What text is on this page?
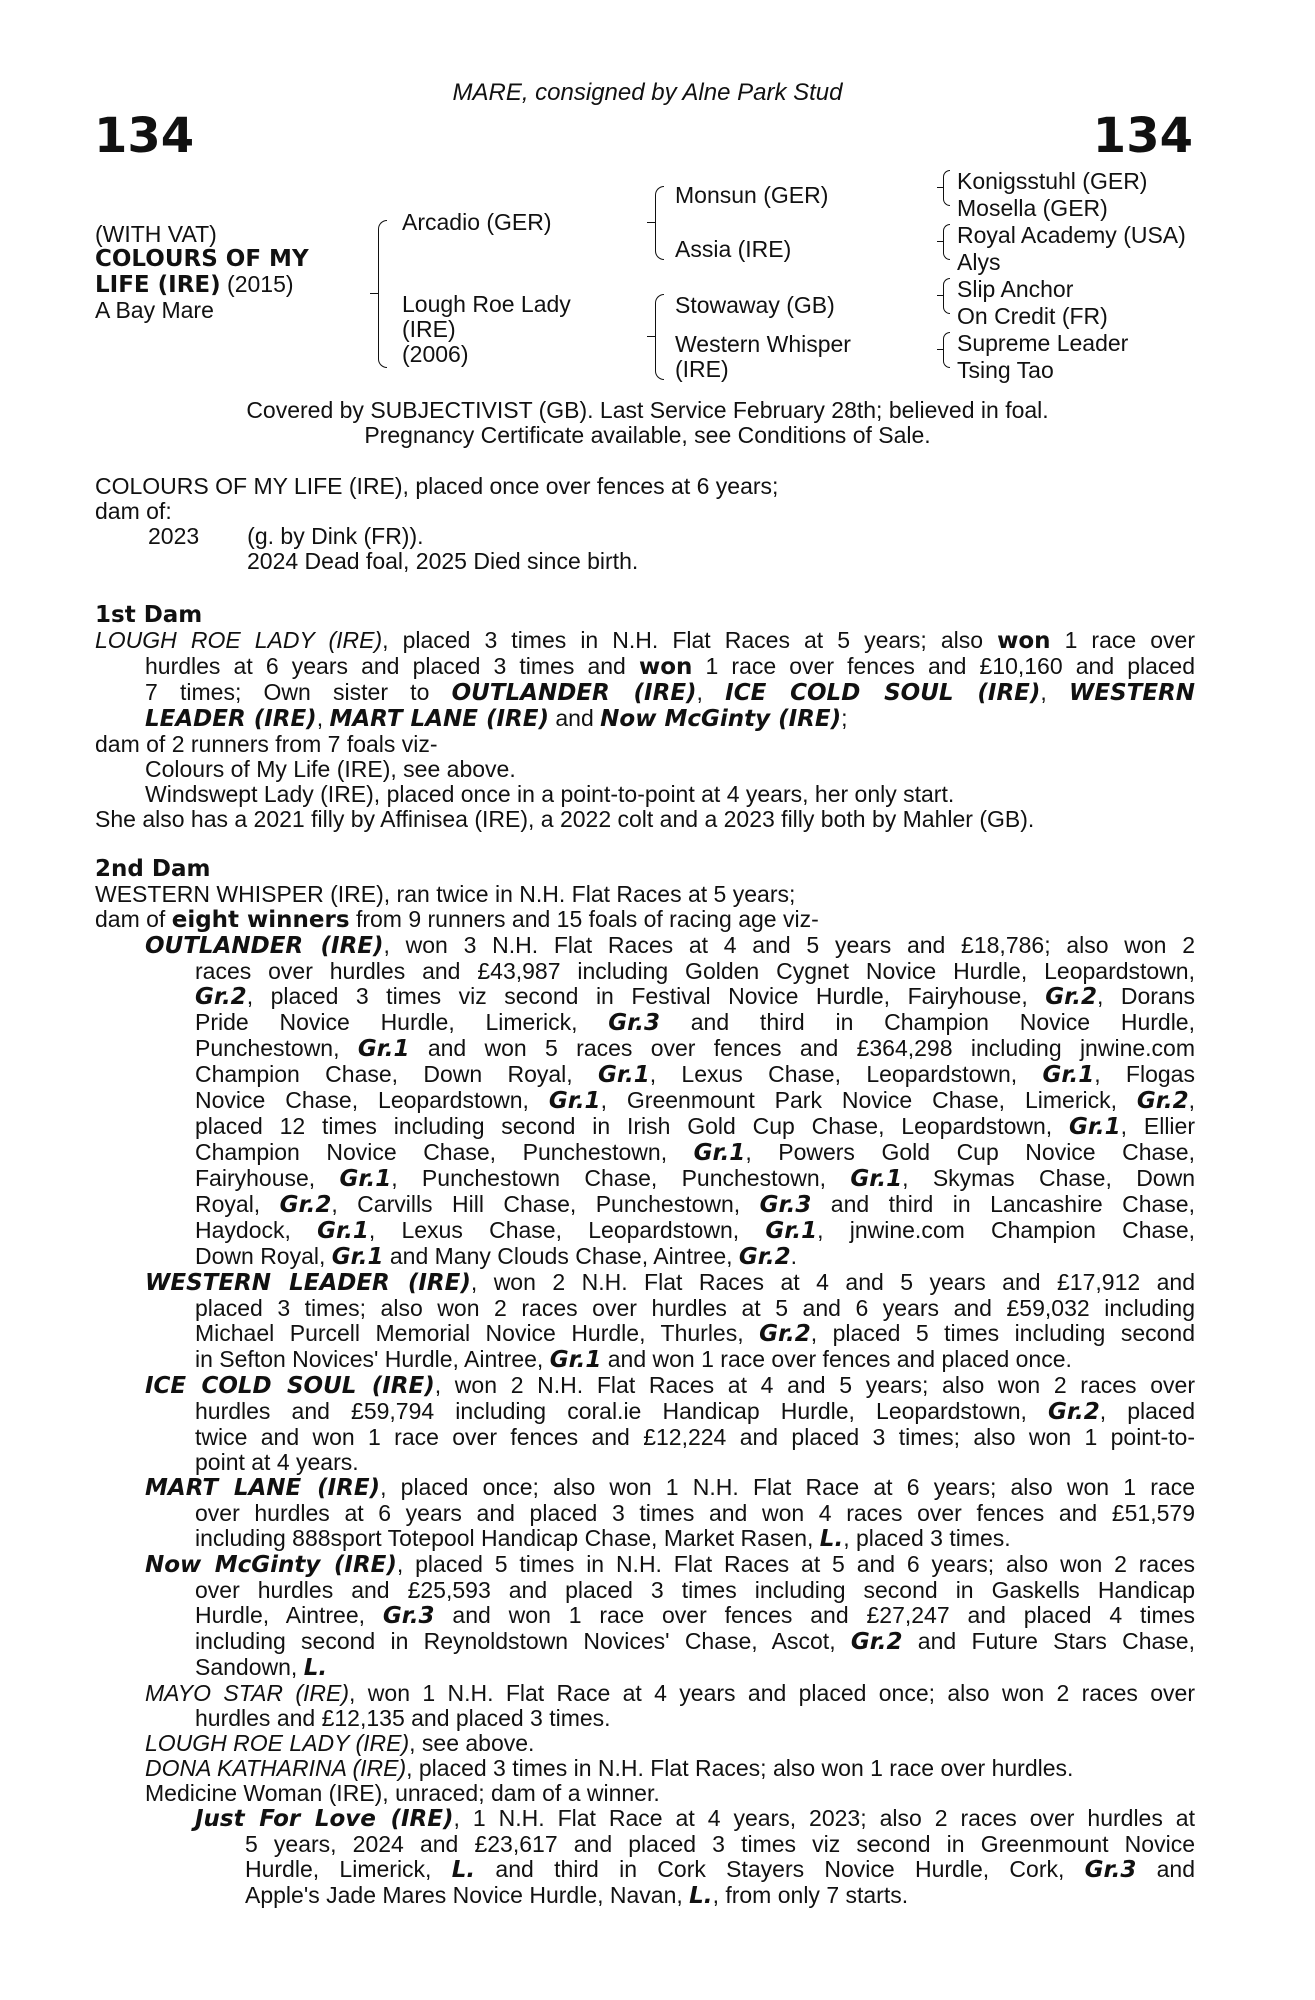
MARE, consigned by Alne Park Stud
134	134
(WITH VAT)
COLOURS OF MY
LIFE (IRE) (2015)
A Bay Mare
Arcadio (GER)
Lough Roe Lady
(IRE)
(2006)
Monsun (GER)
Assia (IRE)
Stowaway (GB)
Western Whisper
(IRE)
Konigsstuhl (GER)
Mosella (GER)
Royal Academy (USA)
Alys
Slip Anchor
On Credit (FR)
Supreme Leader
Tsing Tao
Covered by SUBJECTIVIST (GB). Last Service February 28th; believed in foal.
Pregnancy Certificate available, see Conditions of Sale.
COLOURS OF MY LIFE (IRE), placed once over fences at 6 years;
dam of:
2023 (g. by Dink (FR)).
2024 Dead foal, 2025 Died since birth.
1st Dam
LOUGH ROE LADY (IRE), placed 3 times in N.H. Flat Races at 5 years; also won 1 race over
hurdles at 6 years and placed 3 times and won 1 race over fences and £10,160 and placed
7 times; Own sister to OUTLANDER (IRE), ICE COLD SOUL (IRE), WESTERN
LEADER (IRE), MART LANE (IRE) and Now McGinty (IRE);
dam of 2 runners from 7 foals viz-
Colours of My Life (IRE), see above.
Windswept Lady (IRE), placed once in a point-to-point at 4 years, her only start.
She also has a 2021 filly by Affinisea (IRE), a 2022 colt and a 2023 filly both by Mahler (GB).
2nd Dam
WESTERN WHISPER (IRE), ran twice in N.H. Flat Races at 5 years;
dam of eight winners from 9 runners and 15 foals of racing age viz-
OUTLANDER (IRE), won 3 N.H. Flat Races at 4 and 5 years and £18,786; also won 2
races over hurdles and £43,987 including Golden Cygnet Novice Hurdle, Leopardstown,
Gr.2, placed 3 times viz second in Festival Novice Hurdle, Fairyhouse, Gr.2, Dorans
Pride Novice Hurdle, Limerick, Gr.3 and third in Champion Novice Hurdle,
Punchestown, Gr.1 and won 5 races over fences and £364,298 including jnwine.com
Champion Chase, Down Royal, Gr.1, Lexus Chase, Leopardstown, Gr.1, Flogas
Novice Chase, Leopardstown, Gr.1, Greenmount Park Novice Chase, Limerick, Gr.2,
placed 12 times including second in Irish Gold Cup Chase, Leopardstown, Gr.1, Ellier
Champion Novice Chase, Punchestown, Gr.1, Powers Gold Cup Novice Chase,
Fairyhouse, Gr.1, Punchestown Chase, Punchestown, Gr.1, Skymas Chase, Down
Royal, Gr.2, Carvills Hill Chase, Punchestown, Gr.3 and third in Lancashire Chase,
Haydock, Gr.1, Lexus Chase, Leopardstown, Gr.1, jnwine.com Champion Chase,
Down Royal, Gr.1 and Many Clouds Chase, Aintree, Gr.2.
WESTERN LEADER (IRE), won 2 N.H. Flat Races at 4 and 5 years and £17,912 and
placed 3 times; also won 2 races over hurdles at 5 and 6 years and £59,032 including
Michael Purcell Memorial Novice Hurdle, Thurles, Gr.2, placed 5 times including second
in Sefton Novices' Hurdle, Aintree, Gr.1 and won 1 race over fences and placed once.
ICE COLD SOUL (IRE), won 2 N.H. Flat Races at 4 and 5 years; also won 2 races over
hurdles and £59,794 including coral.ie Handicap Hurdle, Leopardstown, Gr.2, placed
twice and won 1 race over fences and £12,224 and placed 3 times; also won 1 point-to-
point at 4 years.
MART LANE (IRE), placed once; also won 1 N.H. Flat Race at 6 years; also won 1 race
over hurdles at 6 years and placed 3 times and won 4 races over fences and £51,579
including 888sport Totepool Handicap Chase, Market Rasen, L., placed 3 times.
Now McGinty (IRE), placed 5 times in N.H. Flat Races at 5 and 6 years; also won 2 races
over hurdles and £25,593 and placed 3 times including second in Gaskells Handicap
Hurdle, Aintree, Gr.3 and won 1 race over fences and £27,247 and placed 4 times
including second in Reynoldstown Novices' Chase, Ascot, Gr.2 and Future Stars Chase,
Sandown, L.
MAYO STAR (IRE), won 1 N.H. Flat Race at 4 years and placed once; also won 2 races over
hurdles and £12,135 and placed 3 times.
LOUGH ROE LADY (IRE), see above.
DONA KATHARINA (IRE), placed 3 times in N.H. Flat Races; also won 1 race over hurdles.
Medicine Woman (IRE), unraced; dam of a winner.
Just For Love (IRE), 1 N.H. Flat Race at 4 years, 2023; also 2 races over hurdles at
5 years, 2024 and £23,617 and placed 3 times viz second in Greenmount Novice
Hurdle, Limerick, L. and third in Cork Stayers Novice Hurdle, Cork, Gr.3 and
Apple's Jade Mares Novice Hurdle, Navan, L., from only 7 starts.
